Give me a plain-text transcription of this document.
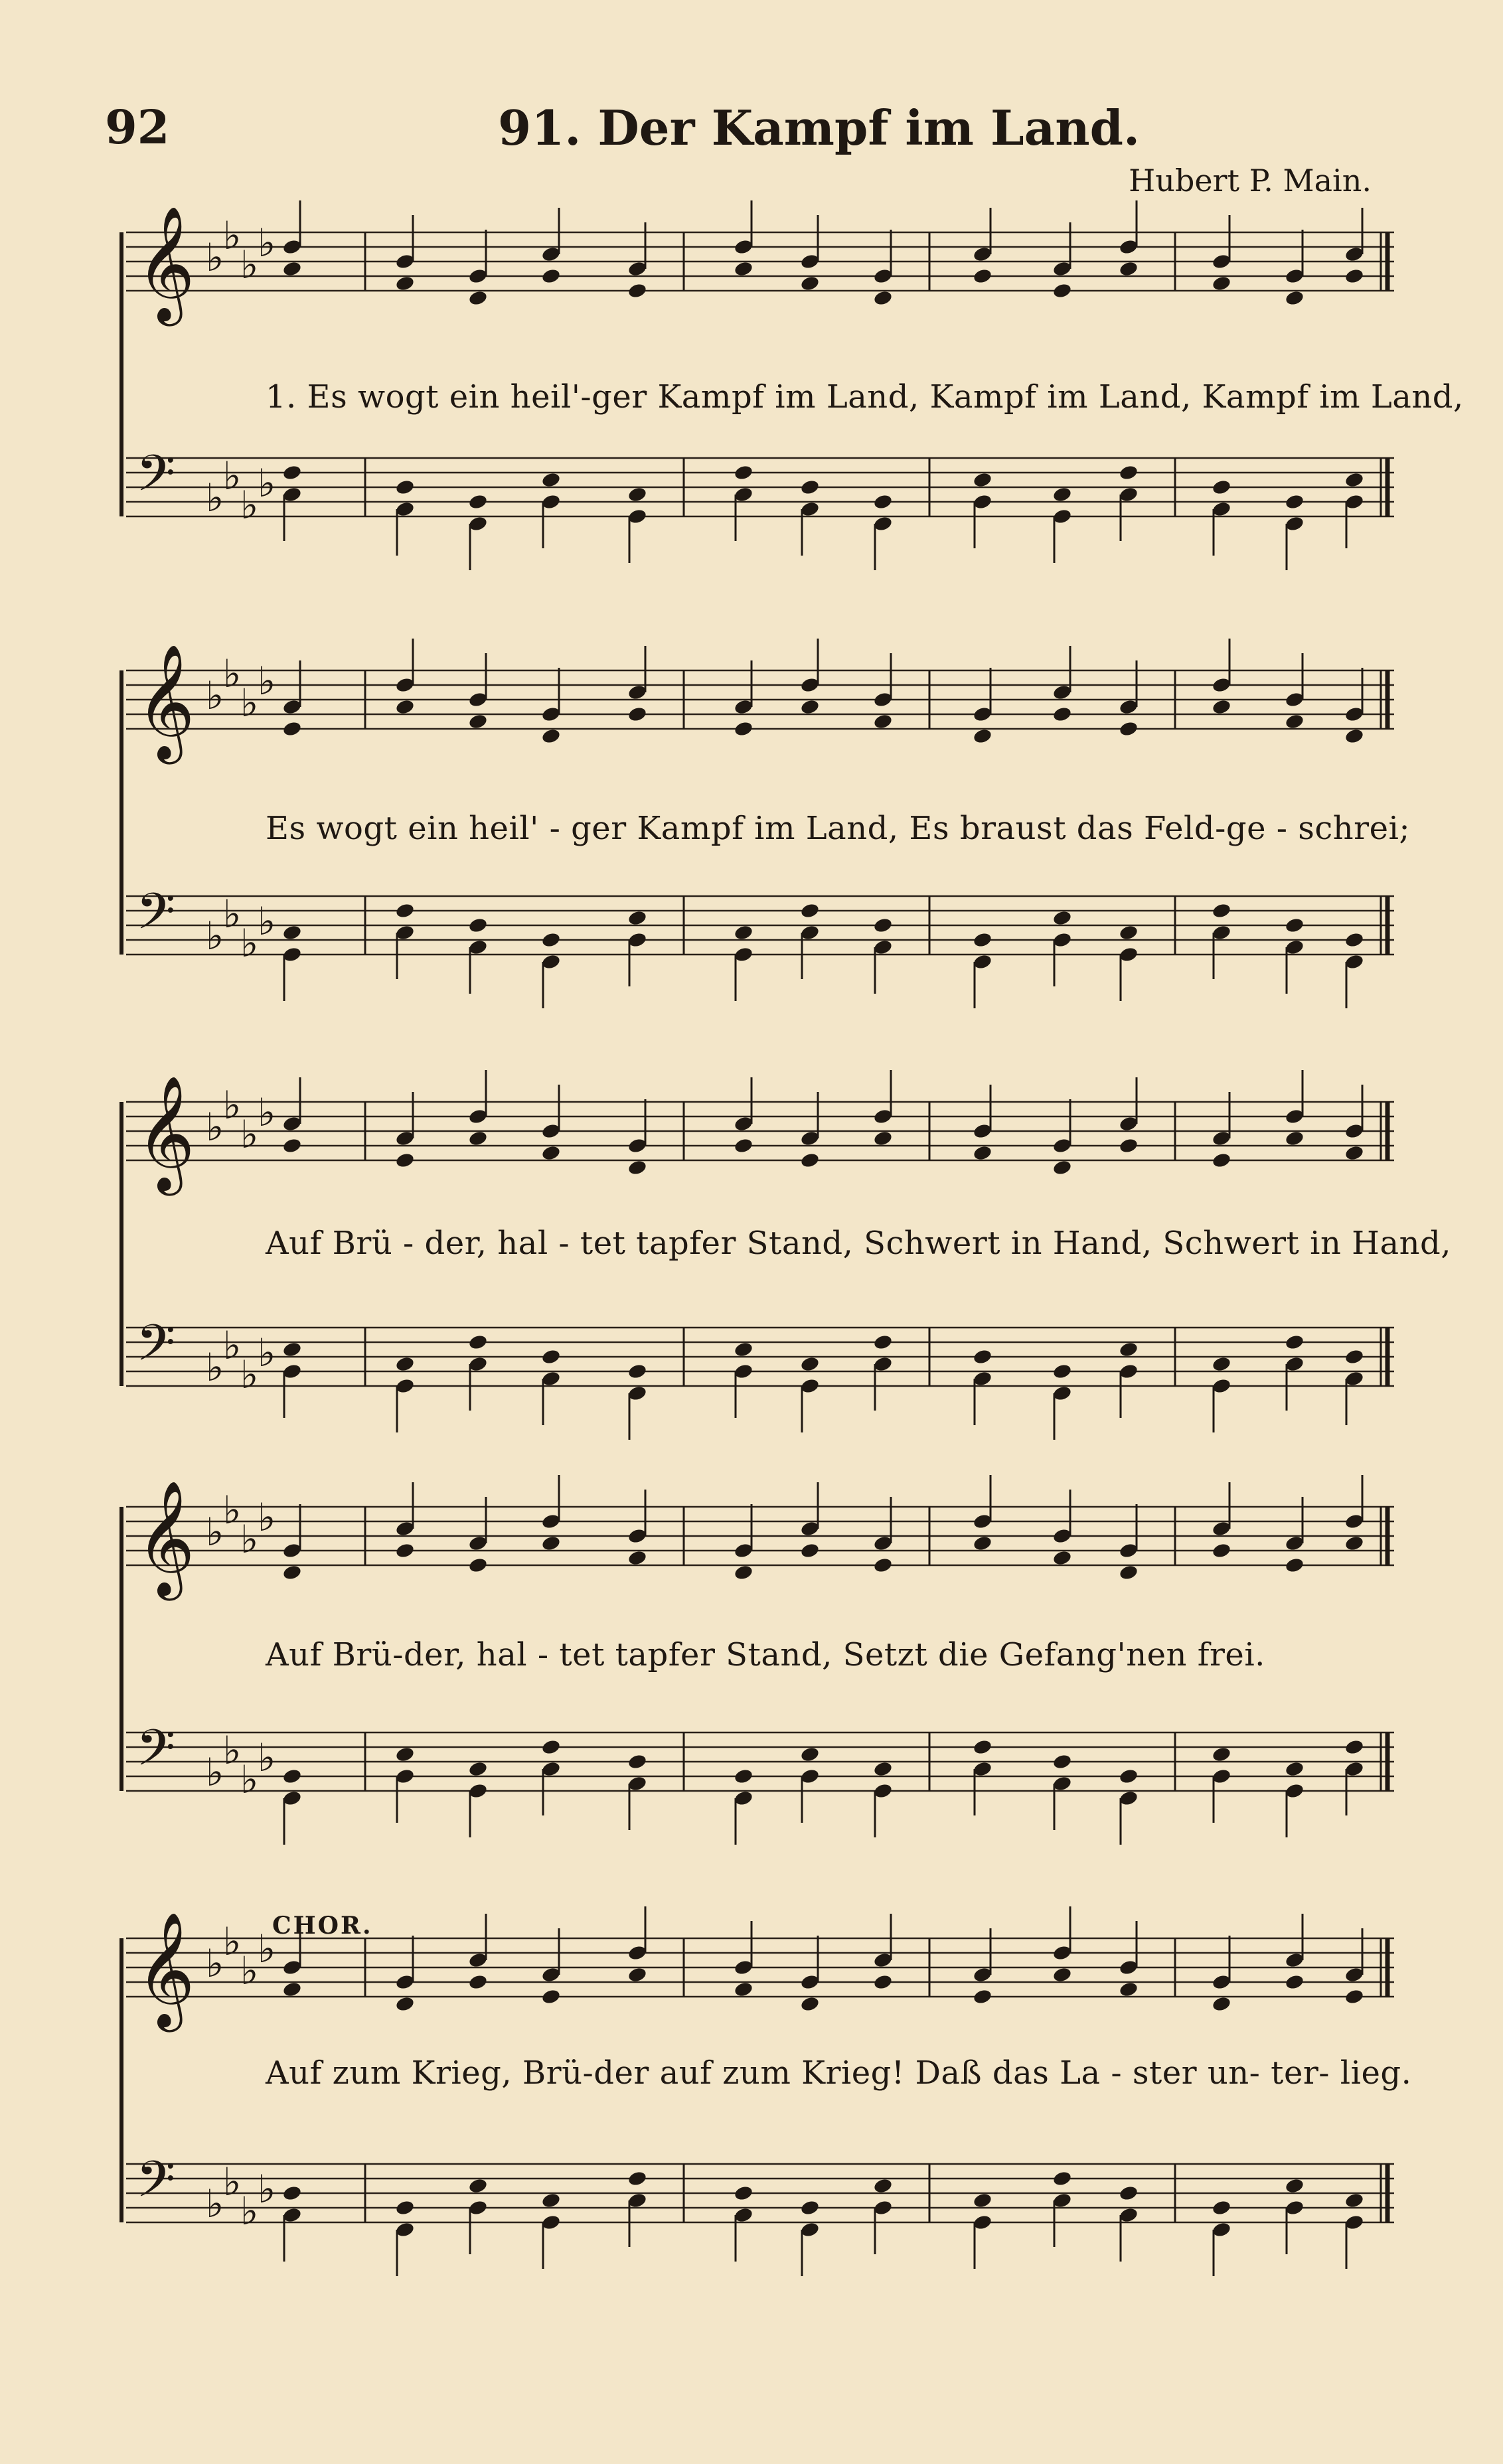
92	91. Der Kampf im Land.
Hubert P. Main.
𝄞 ♭
♭
♭
♭
𝄢 ♭
♭
♭
♭
1. Es wogt ein heil'-ger Kampf im Land, Kampf im Land, Kampf im Land,
𝄞 ♭
♭
♭
♭
𝄢 ♭
♭
♭
♭
Es wogt ein heil' - ger Kampf im Land, Es braust das Feld-ge - schrei;
𝄞 ♭
♭
♭
♭
𝄢 ♭
♭
♭
♭
Auf Brü - der, hal - tet tapfer Stand, Schwert in Hand, Schwert in Hand,
𝄞 ♭
♭
♭
♭
𝄢 ♭
♭
♭
♭
Auf Brü-der, hal - tet tapfer Stand, Setzt die Gefang'nen frei.
CHOR.
𝄞 ♭
♭
♭
♭
𝄢 ♭
♭
♭
♭
Auf zum Krieg, Brü-der auf zum Krieg! Daß das La - ster un- ter- lieg.
